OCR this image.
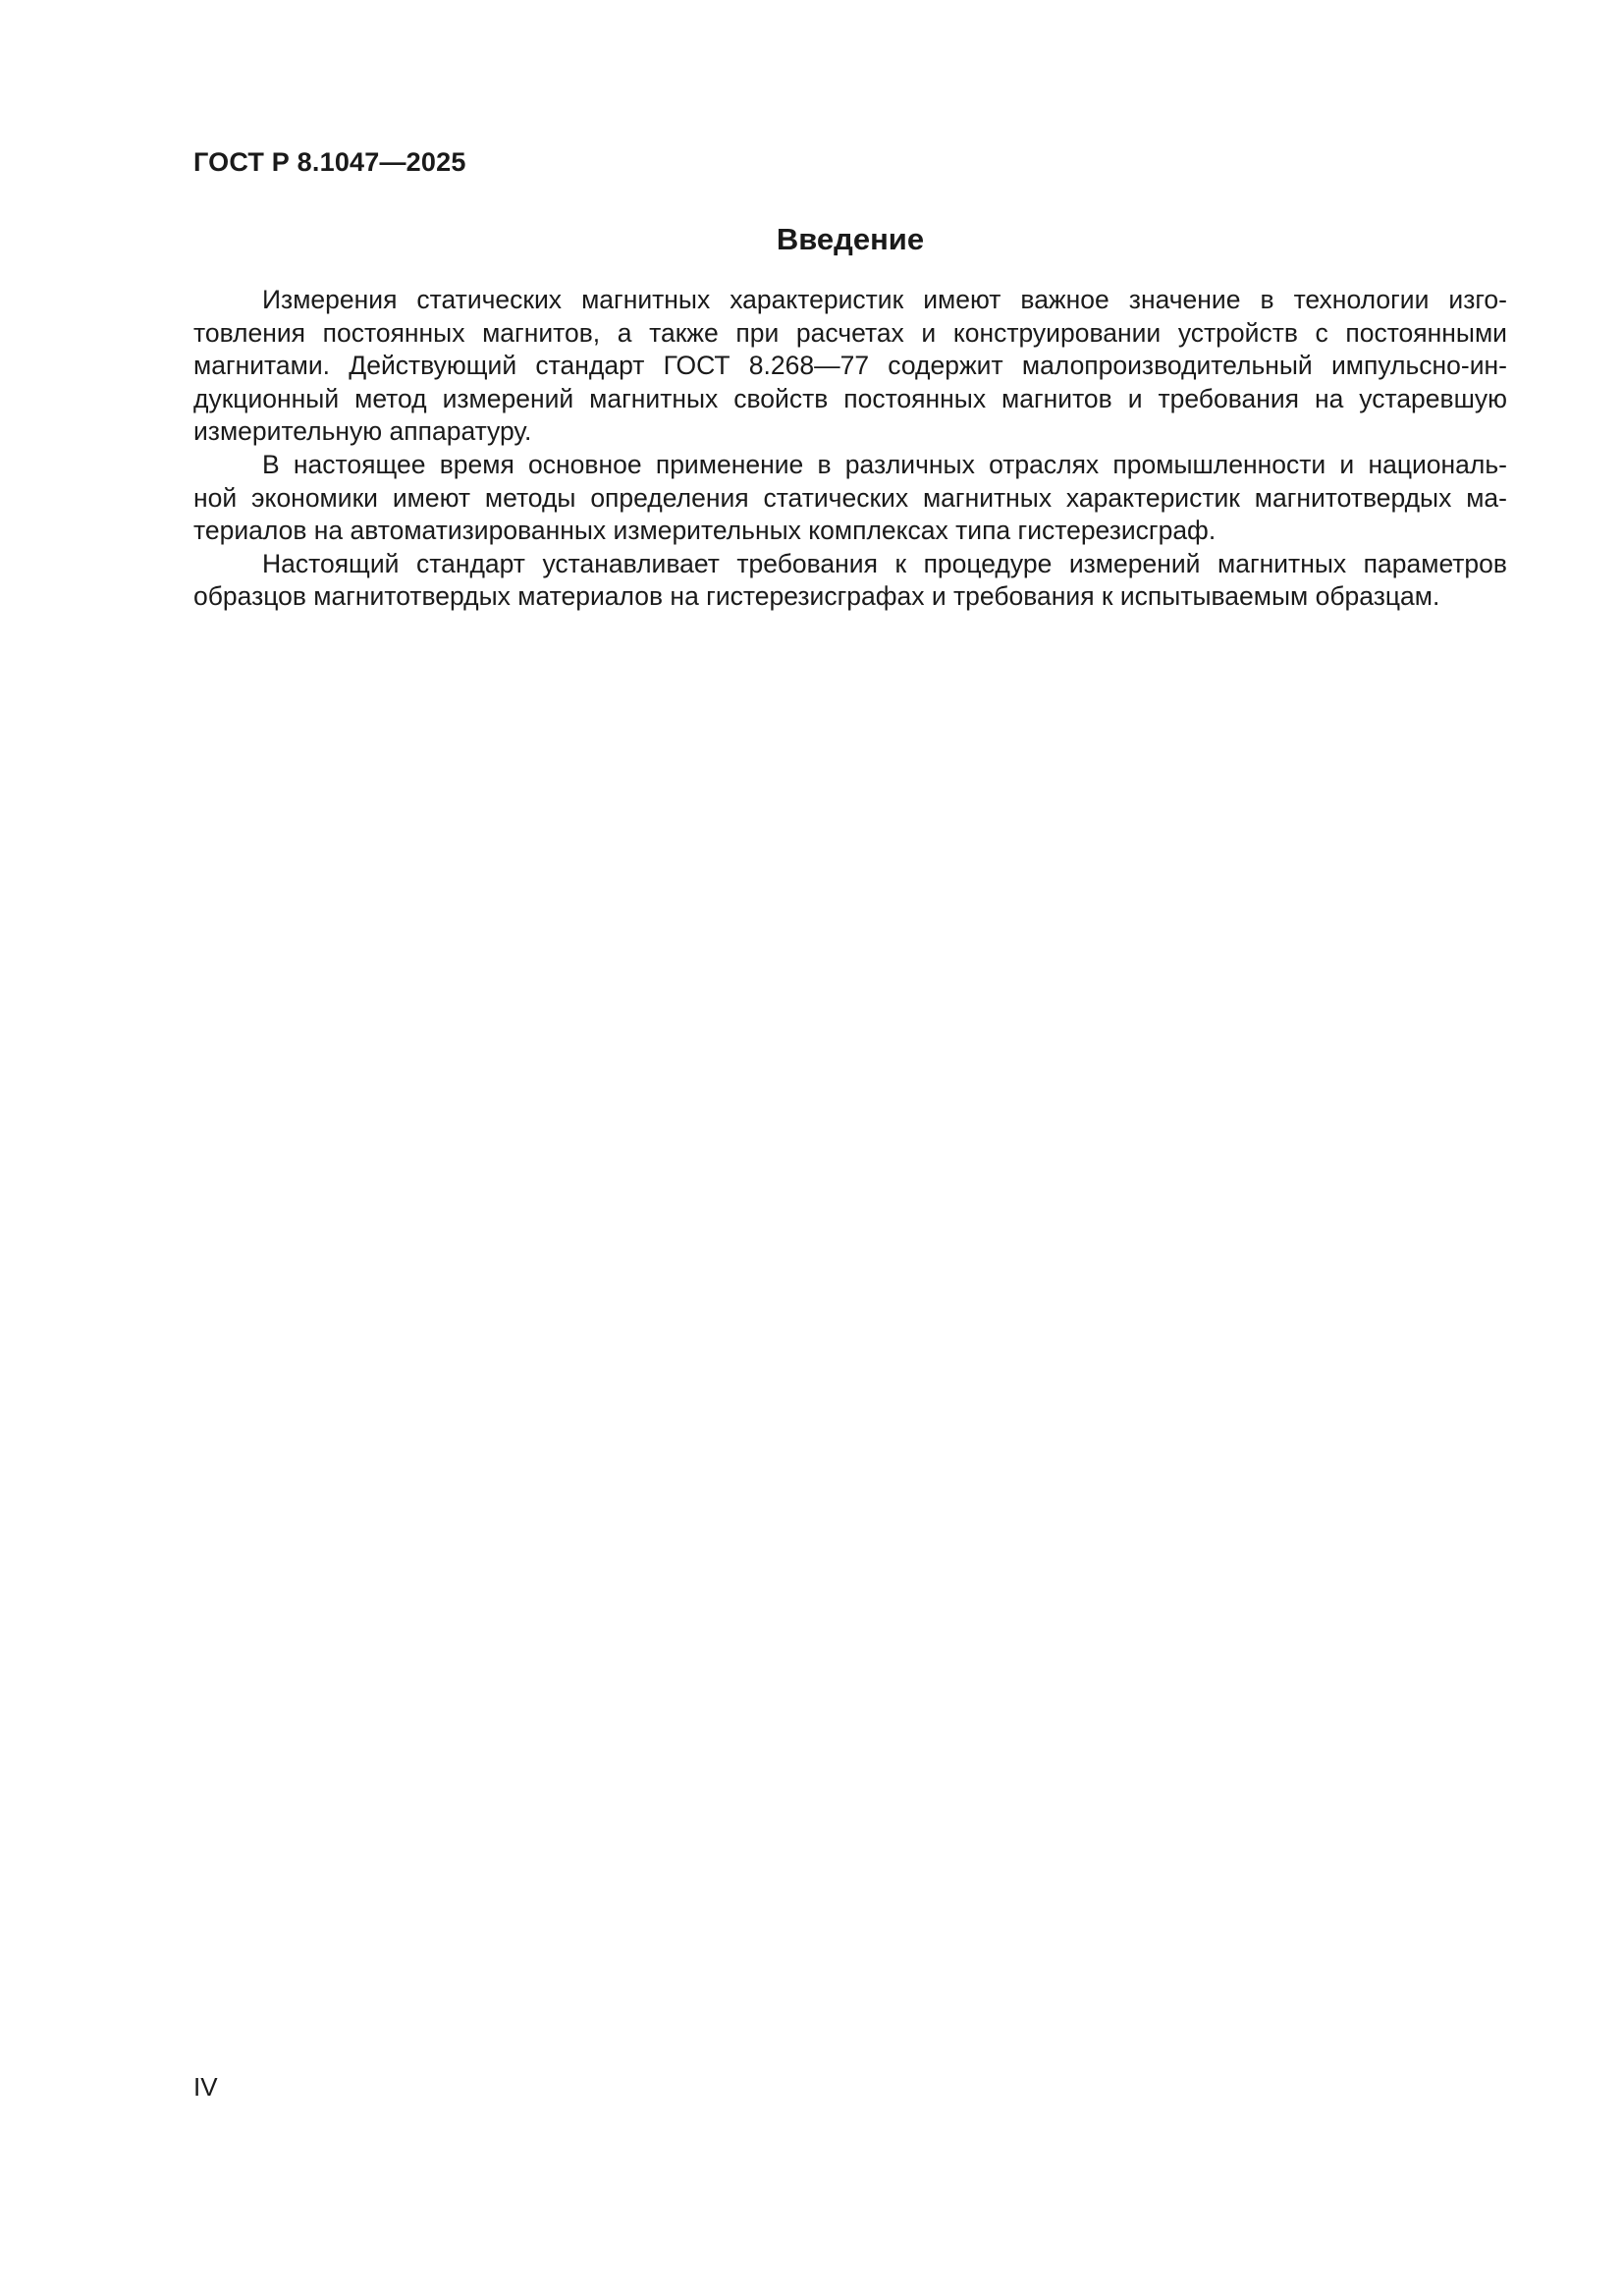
ГОСТ Р 8.1047—2025
Введение
Измерения статических магнитных характеристик имеют важное значение в технологии изго-
товления постоянных магнитов, а также при расчетах и конструировании устройств с постоянными
магнитами. Действующий стандарт ГОСТ 8.268—77 содержит малопроизводительный импульсно-ин-
дукционный метод измерений магнитных свойств постоянных магнитов и требования на устаревшую
измерительную аппаратуру.
В настоящее время основное применение в различных отраслях промышленности и националь-
ной экономики имеют методы определения статических магнитных характеристик магнитотвердых ма-
териалов на автоматизированных измерительных комплексах типа гистерезисграф.
Настоящий стандарт устанавливает требования к процедуре измерений магнитных параметров
образцов магнитотвердых материалов на гистерезисграфах и требования к испытываемым образцам.
IV
